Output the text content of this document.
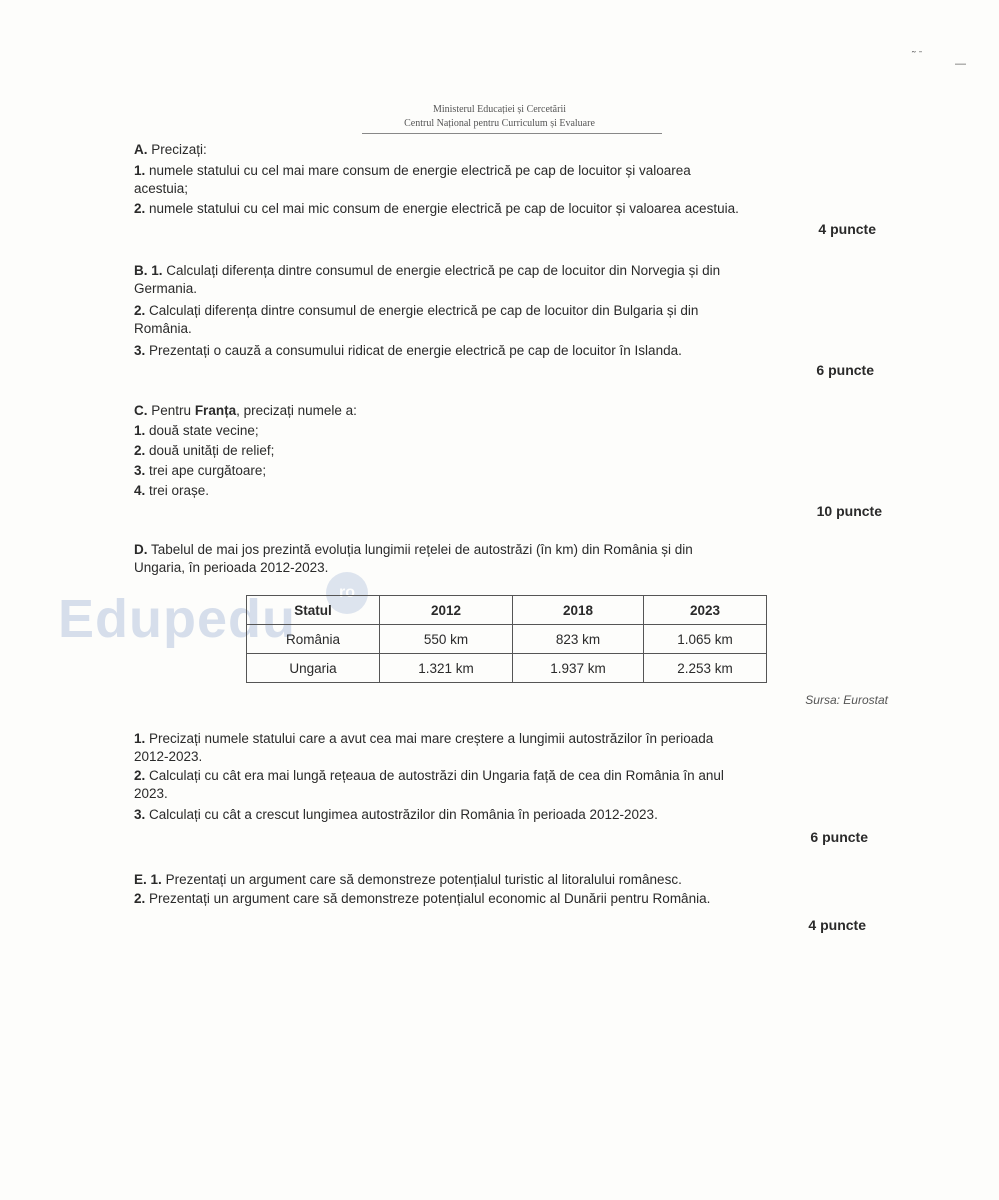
˜ ˉ
—
Ministerul Educației și Cercetării
Centrul Național pentru Curriculum și Evaluare
A. Precizați:
1. numele statului cu cel mai mare consum de energie electrică pe cap de locuitor și valoarea
acestuia;
2. numele statului cu cel mai mic consum de energie electrică pe cap de locuitor și valoarea acestuia.
4 puncte
B. 1. Calculați diferența dintre consumul de energie electrică pe cap de locuitor din Norvegia și din
Germania.
2. Calculați diferența dintre consumul de energie electrică pe cap de locuitor din Bulgaria și din
România.
3. Prezentați o cauză a consumului ridicat de energie electrică pe cap de locuitor în Islanda.
6 puncte
C. Pentru Franța, precizați numele a:
1. două state vecine;
2. două unități de relief;
3. trei ape curgătoare;
4. trei orașe.
10 puncte
D. Tabelul de mai jos prezintă evoluția lungimii rețelei de autostrăzi (în km) din România și din
Ungaria, în perioada 2012-2023.
Edupedu	ro
Statul	2012	2018	2023
România	550 km	823 km	1.065 km
Ungaria	1.321 km	1.937 km	2.253 km
Sursa: Eurostat
1. Precizați numele statului care a avut cea mai mare creștere a lungimii autostrăzilor în perioada
2012-2023.
2. Calculați cu cât era mai lungă rețeaua de autostrăzi din Ungaria față de cea din România în anul
2023.
3. Calculați cu cât a crescut lungimea autostrăzilor din România în perioada 2012-2023.
6 puncte
E. 1. Prezentați un argument care să demonstreze potențialul turistic al litoralului românesc.
2. Prezentați un argument care să demonstreze potențialul economic al Dunării pentru România.
4 puncte
